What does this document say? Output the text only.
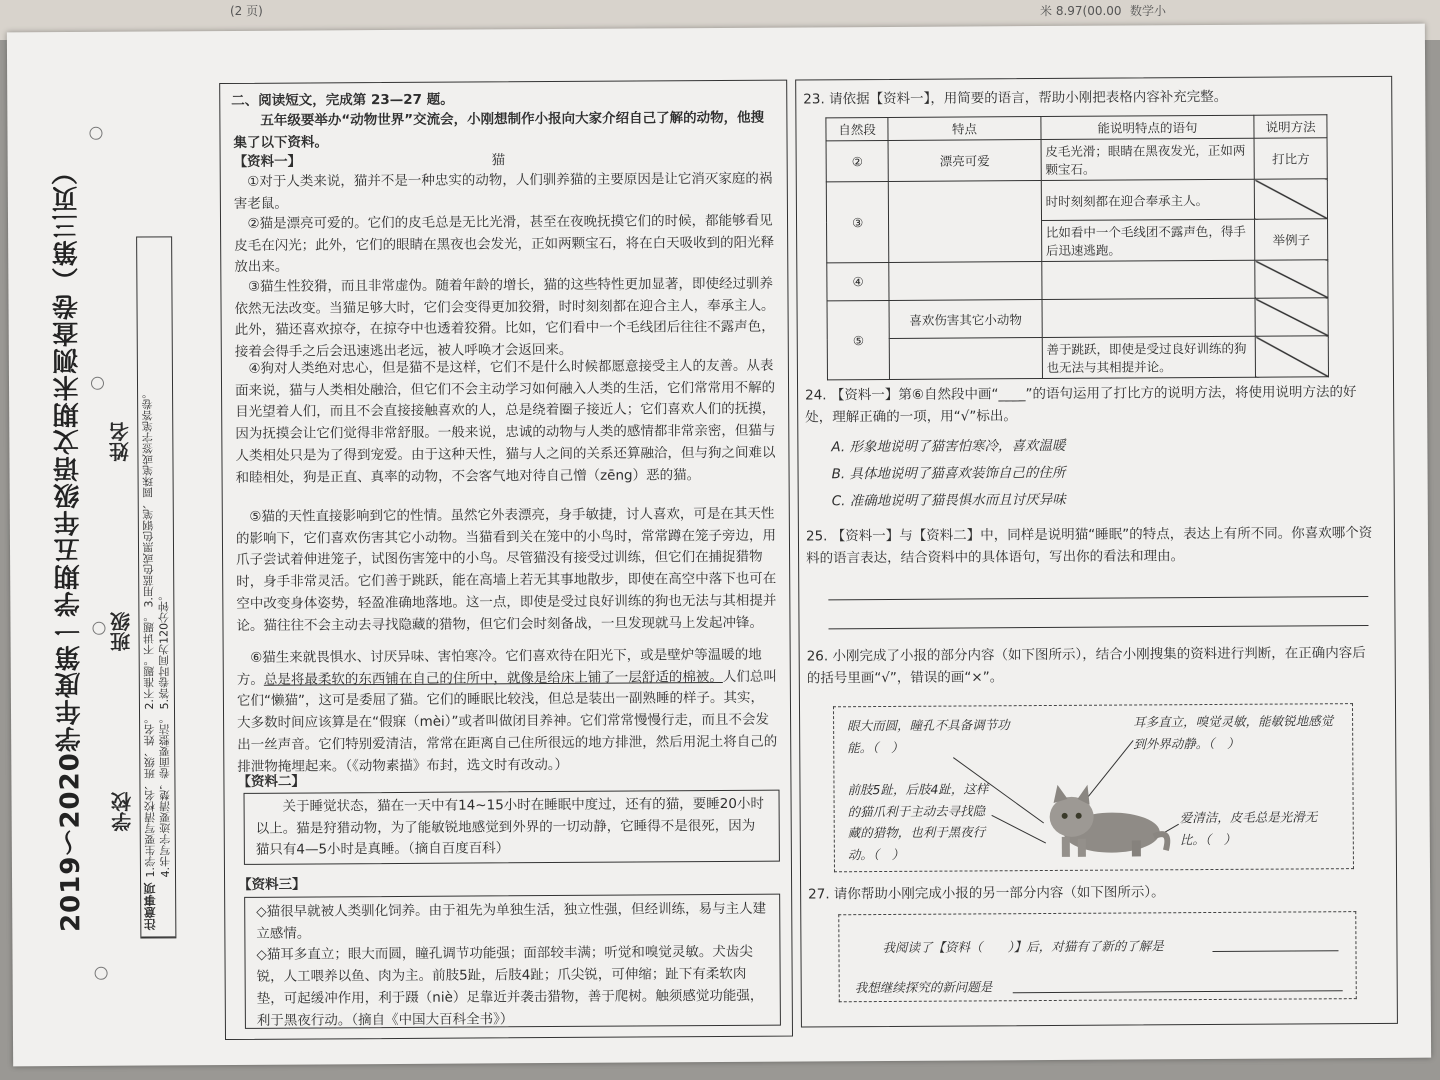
(2 页)	米 8.97(00.00 数学小
2019～2020学年度第一学期五年级语文期末测查卷（第三页） 学校
班级
姓名 1.学生要写清校名、班级、姓名。 2.不准题。不讲题。 3.用蓝色或黑色钢笔、圆珠笔或签字笔答卷。 4.书写字迹要清楚，卷面要整洁。 5.答卷时间为120分钟。
注意事项
二、阅读短文，完成第 23—27 题。
五年级要举办“动物世界”交流会，小刚想制作小报向大家介绍自己了解的动物，他搜集了以下资料。
【资料一】	猫
①对于人类来说，猫并不是一种忠实的动物，人们驯养猫的主要原因是让它消灭家庭的祸害老鼠。
②猫是漂亮可爱的。它们的皮毛总是无比光滑，甚至在夜晚抚摸它们的时候，都能够看见皮毛在闪光；此外，它们的眼睛在黑夜也会发光，正如两颗宝石，将在白天吸收到的阳光释放出来。
③猫生性狡猾，而且非常虚伪。随着年龄的增长，猫的这些特性更加显著，即使经过驯养依然无法改变。当猫足够大时，它们会变得更加狡猾，时时刻刻都在迎合主人，奉承主人。此外，猫还喜欢掠夺，在掠夺中也透着狡猾。比如，它们看中一个毛线团后往往不露声色，接着会得手之后会迅速逃出老远，被人呼唤才会返回来。
④狗对人类绝对忠心，但是猫不是这样，它们不是什么时候都愿意接受主人的友善。从表面来说，猫与人类相处融洽，但它们不会主动学习如何融入人类的生活，它们常常用不解的目光望着人们，而且不会直接接触喜欢的人，总是绕着圈子接近人；它们喜欢人们的抚摸，因为抚摸会让它们觉得非常舒服。一般来说，忠诚的动物与人类的感情都非常亲密，但猫与人类相处只是为了得到宠爱。由于这种天性，猫与人之间的关系还算融洽，但与狗之间难以和睦相处，狗是正直、真率的动物，不会客气地对待自己憎（zēng）恶的猫。
⑤猫的天性直接影响到它的性情。虽然它外表漂亮，身手敏捷，讨人喜欢，可是在其天性的影响下，它们喜欢伤害其它小动物。当猫看到关在笼中的小鸟时，常常蹲在笼子旁边，用爪子尝试着伸进笼子，试图伤害笼中的小鸟。尽管猫没有接受过训练，但它们在捕捉猎物时，身手非常灵活。它们善于跳跃，能在高墙上若无其事地散步，即使在高空中落下也可在空中改变身体姿势，轻盈准确地落地。这一点，即使是受过良好训练的狗也无法与其相提并论。猫往往不会主动去寻找隐藏的猎物，但它们会时刻备战，一旦发现就马上发起冲锋。
⑥猫生来就畏惧水、讨厌异味、害怕寒冷。它们喜欢待在阳光下，或是壁炉等温暖的地方。总是将最柔软的东西铺在自己的住所中，就像是给床上铺了一层舒适的棉被。人们总叫它们“懒猫”，这可是委屈了猫。它们的睡眠比较浅，但总是装出一副熟睡的样子。其实，大多数时间应该算是在“假寐（mèi）”或者叫做闭目养神。它们常常慢慢行走，而且不会发出一丝声音。它们特别爱清洁，常常在距离自己住所很远的地方排泄，然后用泥土将自己的排泄物掩埋起来。（《动物素描》布封，选文时有改动。）
【资料二】
关于睡觉状态，猫在一天中有14~15小时在睡眠中度过，还有的猫，要睡20小时以上。猫是狩猎动物，为了能敏锐地感觉到外界的一切动静，它睡得不是很死，因为猫只有4—5小时是真睡。（摘自百度百科）
【资料三】
◇猫很早就被人类驯化饲养。由于祖先为单独生活，独立性强，但经训练，易与主人建立感情。
◇猫耳多直立；眼大而圆，瞳孔调节功能强；面部较丰满；听觉和嗅觉灵敏。犬齿尖锐，人工喂养以鱼、肉为主。前肢5趾，后肢4趾；爪尖锐，可伸缩；趾下有柔软肉垫，可起缓冲作用，利于蹑（niè）足靠近并袭击猎物，善于爬树。触须感觉功能强，利于黑夜行动。（摘自《中国大百科全书》）
23. 请依据【资料一】，用简要的语言，帮助小刚把表格内容补充完整。
自然段	特点	能说明特点的语句	说明方法
②	漂亮可爱	皮毛光滑；眼睛在黑夜发光，正如两颗宝石。	打比方
③		时时刻刻都在迎合奉承主人。	
		比如看中一个毛线团不露声色，得手后迅速逃跑。	举例子
④			
⑤	喜欢伤害其它小动物		
		善于跳跃，即使是受过良好训练的狗也无法与其相提并论。	
24. 【资料一】第⑥自然段中画“____”的语句运用了打比方的说明方法，将使用说明方法的好处，理解正确的一项，用“√”标出。
A. 形象地说明了猫害怕寒冷，喜欢温暖
B. 具体地说明了猫喜欢装饰自己的住所
C. 准确地说明了猫畏惧水而且讨厌异味
25. 【资料一】与【资料二】中，同样是说明猫“睡眠”的特点，表达上有所不同。你喜欢哪个资料的语言表达，结合资料中的具体语句，写出你的看法和理由。
26. 小刚完成了小报的部分内容（如下图所示），结合小刚搜集的资料进行判断，在正确内容后的括号里画“√”，错误的画“×”。
眼大而圆，瞳孔不具备调节功能。（　）
耳多直立，嗅觉灵敏，能敏锐地感觉到外界动静。（　）
前肢5趾，后肢4趾，这样的猫爪利于主动去寻找隐藏的猎物，也利于黑夜行动。（　）
爱清洁，皮毛总是光滑无比。（　）
27. 请你帮助小刚完成小报的另一部分内容（如下图所示）。
我阅读了【资料（　　）】后，对猫有了新的了解是
我想继续探究的新问题是
